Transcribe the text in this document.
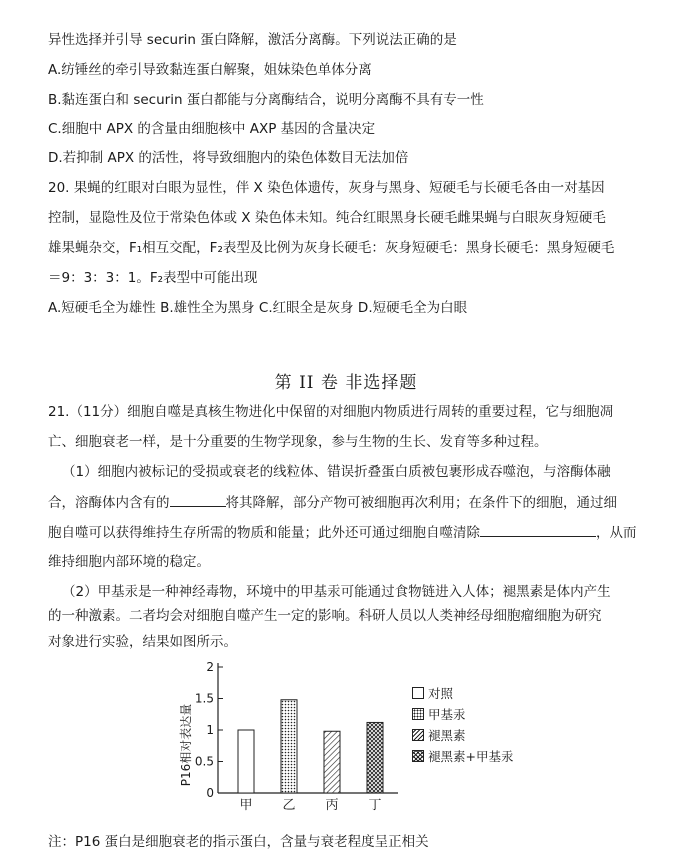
异性选择并引导 securin 蛋白降解，激活分离酶。下列说法正确的是
A.纺锤丝的牵引导致黏连蛋白解聚，姐妹染色单体分离
B.黏连蛋白和 securin 蛋白都能与分离酶结合，说明分离酶不具有专一性
C.细胞中 APX 的含量由细胞核中 AXP 基因的含量决定
D.若抑制 APX 的活性，将导致细胞内的染色体数目无法加倍
20. 果蝇的红眼对白眼为显性，伴 X 染色体遗传，灰身与黑身、短硬毛与长硬毛各由一对基因
控制，显隐性及位于常染色体或 X 染色体未知。纯合红眼黑身长硬毛雌果蝇与白眼灰身短硬毛
雄果蝇杂交，F₁相互交配，F₂表型及比例为灰身长硬毛：灰身短硬毛：黑身长硬毛：黑身短硬毛
＝9：3：3：1。F₂表型中可能出现
A.短硬毛全为雄性 B.雄性全为黑身 C.红眼全是灰身 D.短硬毛全为白眼
第 II 卷 非选择题
21.（11分）细胞自噬是真核生物进化中保留的对细胞内物质进行周转的重要过程，它与细胞凋
亡、细胞衰老一样，是十分重要的生物学现象，参与生物的生长、发育等多种过程。
（1）细胞内被标记的受损或衰老的线粒体、错误折叠蛋白质被包裹形成吞噬泡，与溶酶体融
合，溶酶体内含有的	将其降解，部分产物可被细胞再次利用；在条件下的细胞，通过细
胞自噬可以获得维持生存所需的物质和能量；此外还可通过细胞自噬清除	，从而
维持细胞内部环境的稳定。
（2）甲基汞是一种神经毒物，环境中的甲基汞可能通过食物链进入人体；褪黑素是体内产生
的一种激素。二者均会对细胞自噬产生一定的影响。科研人员以人类神经母细胞瘤细胞为研究
对象进行实验，结果如图所示。
P16相对表达量
0
0.5
1
1.5
2
甲 乙 丙 丁
对照
甲基汞
褪黑素
褪黑素+甲基汞
注：P16 蛋白是细胞衰老的指示蛋白，含量与衰老程度呈正相关
